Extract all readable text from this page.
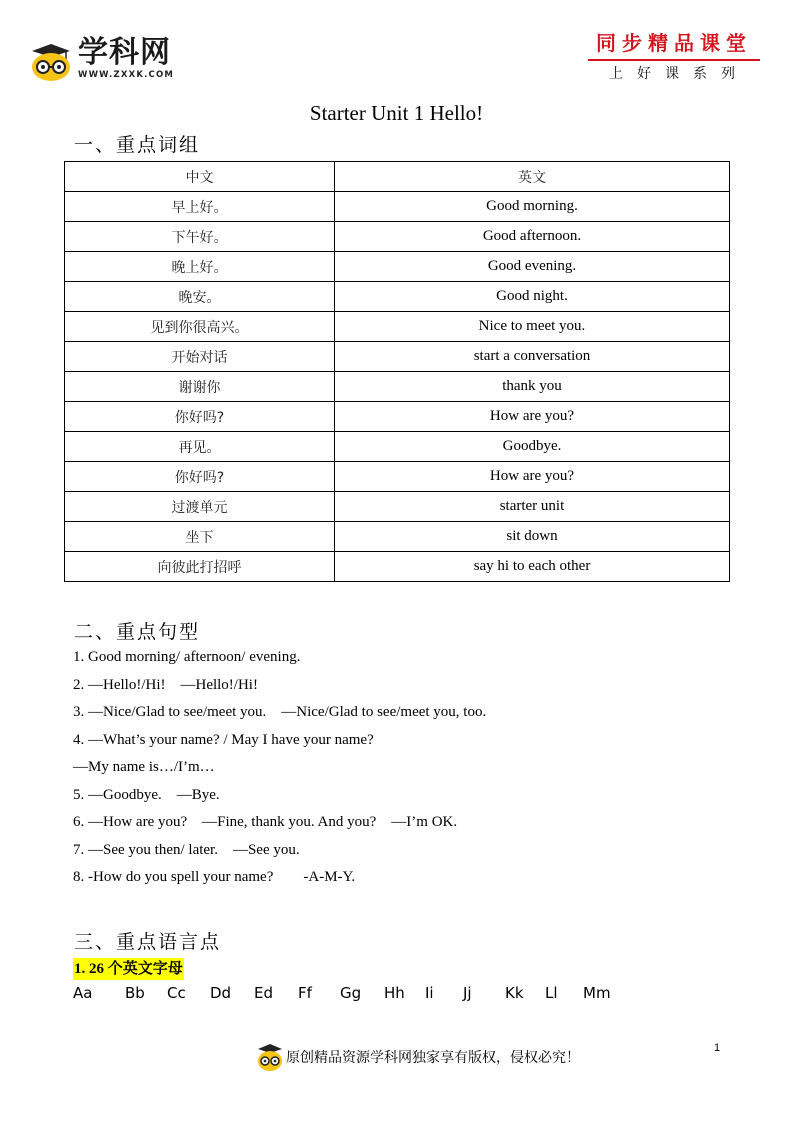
学科网
WWW.ZXXK.COM
同步精品课堂
上好课系列
Starter Unit 1 Hello!
一、重点词组
中文	英文
早上好。	Good morning.
下午好。	Good afternoon.
晚上好。	Good evening.
晚安。	Good night.
见到你很高兴。	Nice to meet you.
开始对话	start a conversation
谢谢你	thank you
你好吗?	How are you?
再见。	Goodbye.
你好吗?	How are you?
过渡单元	starter unit
坐下	sit down
向彼此打招呼	say hi to each other
二、重点句型
1. Good morning/ afternoon/ evening.
2. —Hello!/Hi!    —Hello!/Hi!
3. —Nice/Glad to see/meet you.    —Nice/Glad to see/meet you, too.
4. —What’s your name? / May I have your name?
—My name is…/I’m…
5. —Goodbye.    —Bye.
6. —How are you?    —Fine, thank you. And you?    —I’m OK.
7. —See you then/ later.    —See you.
8. -How do you spell your name?        -A-M-Y.
三、重点语言点
1. 26 个英文字母
Aa Bb Cc Dd Ed Ff Gg Hh Ii Jj Kk Ll Mm
1
原创精品资源学科网独家享有版权，侵权必究！
